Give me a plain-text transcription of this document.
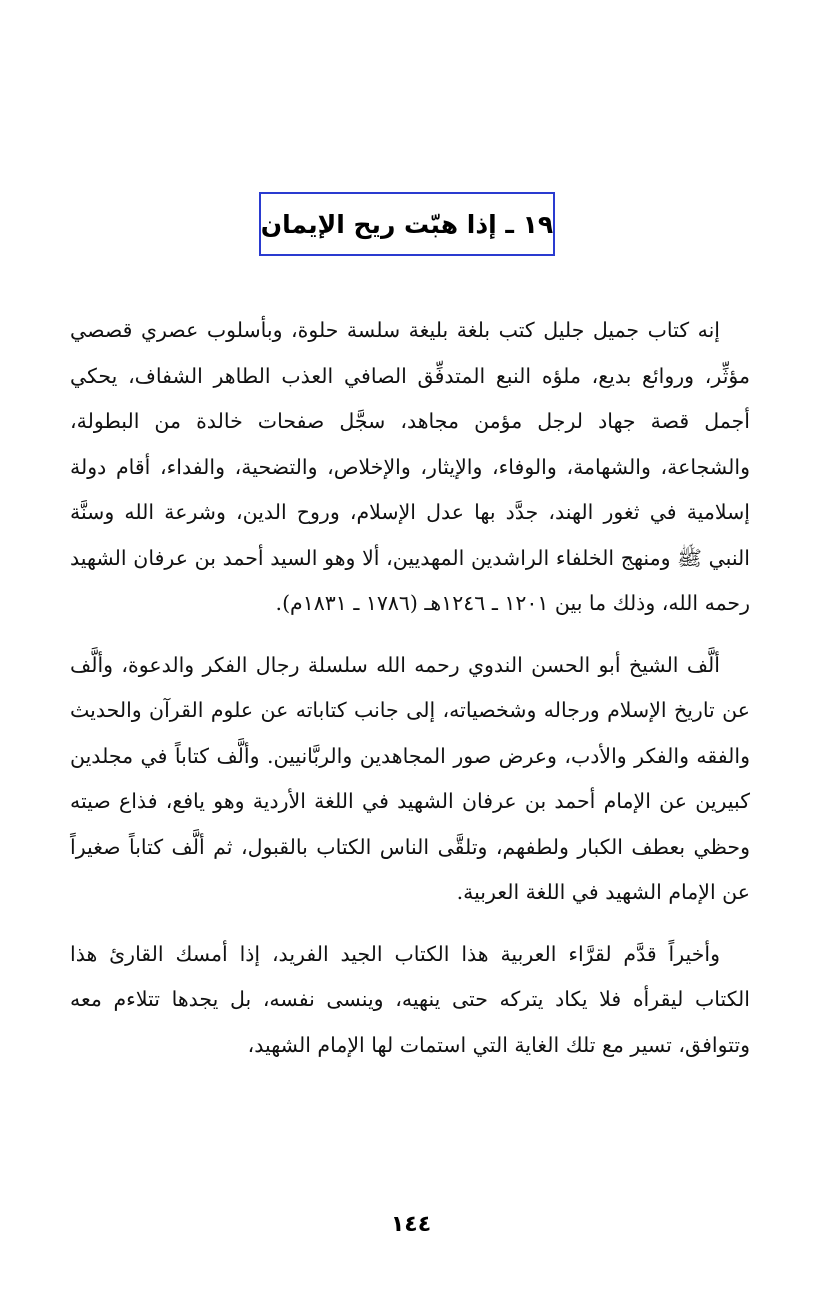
١٩ ـ إذا هبّت ريح الإيمان

إنه كتاب جميل جليل كتب بلغة بليغة سلسة حلوة، وبأسلوب عصري قصصي مؤثِّر، وروائع بديع، ملؤه النبع المتدفِّق الصافي العذب الطاهر الشفاف، يحكي أجمل قصة جهاد لرجل مؤمن مجاهد، سجَّل صفحات خالدة من البطولة، والشجاعة، والشهامة، والوفاء، والإيثار، والإخلاص، والتضحية، والفداء، أقام دولة إسلامية في ثغور الهند، جدَّد بها عدل الإسلام، وروح الدين، وشرعة الله وسنَّة النبي ﷺ ومنهج الخلفاء الراشدين المهديين، ألا وهو السيد أحمد بن عرفان الشهيد رحمه الله، وذلك ما بين ١٢٠١ ـ ١٢٤٦هـ (١٧٨٦ ـ ١٨٣١م).

ألَّف الشيخ أبو الحسن الندوي رحمه الله سلسلة رجال الفكر والدعوة، وألَّف عن تاريخ الإسلام ورجاله وشخصياته، إلى جانب كتاباته عن علوم القرآن والحديث والفقه والفكر والأدب، وعرض صور المجاهدين والربَّانيين. وألَّف كتاباً في مجلدين كبيرين عن الإمام أحمد بن عرفان الشهيد في اللغة الأردية وهو يافع، فذاع صيته وحظي بعطف الكبار ولطفهم، وتلقَّى الناس الكتاب بالقبول، ثم ألَّف كتاباً صغيراً عن الإمام الشهيد في اللغة العربية.

وأخيراً قدَّم لقرَّاء العربية هذا الكتاب الجيد الفريد، إذا أمسك القارئ هذا الكتاب ليقرأه فلا يكاد يتركه حتى ينهيه، وينسى نفسه، بل يجدها تتلاءم معه وتتوافق، تسير مع تلك الغاية التي استمات لها الإمام الشهيد،

١٤٤
